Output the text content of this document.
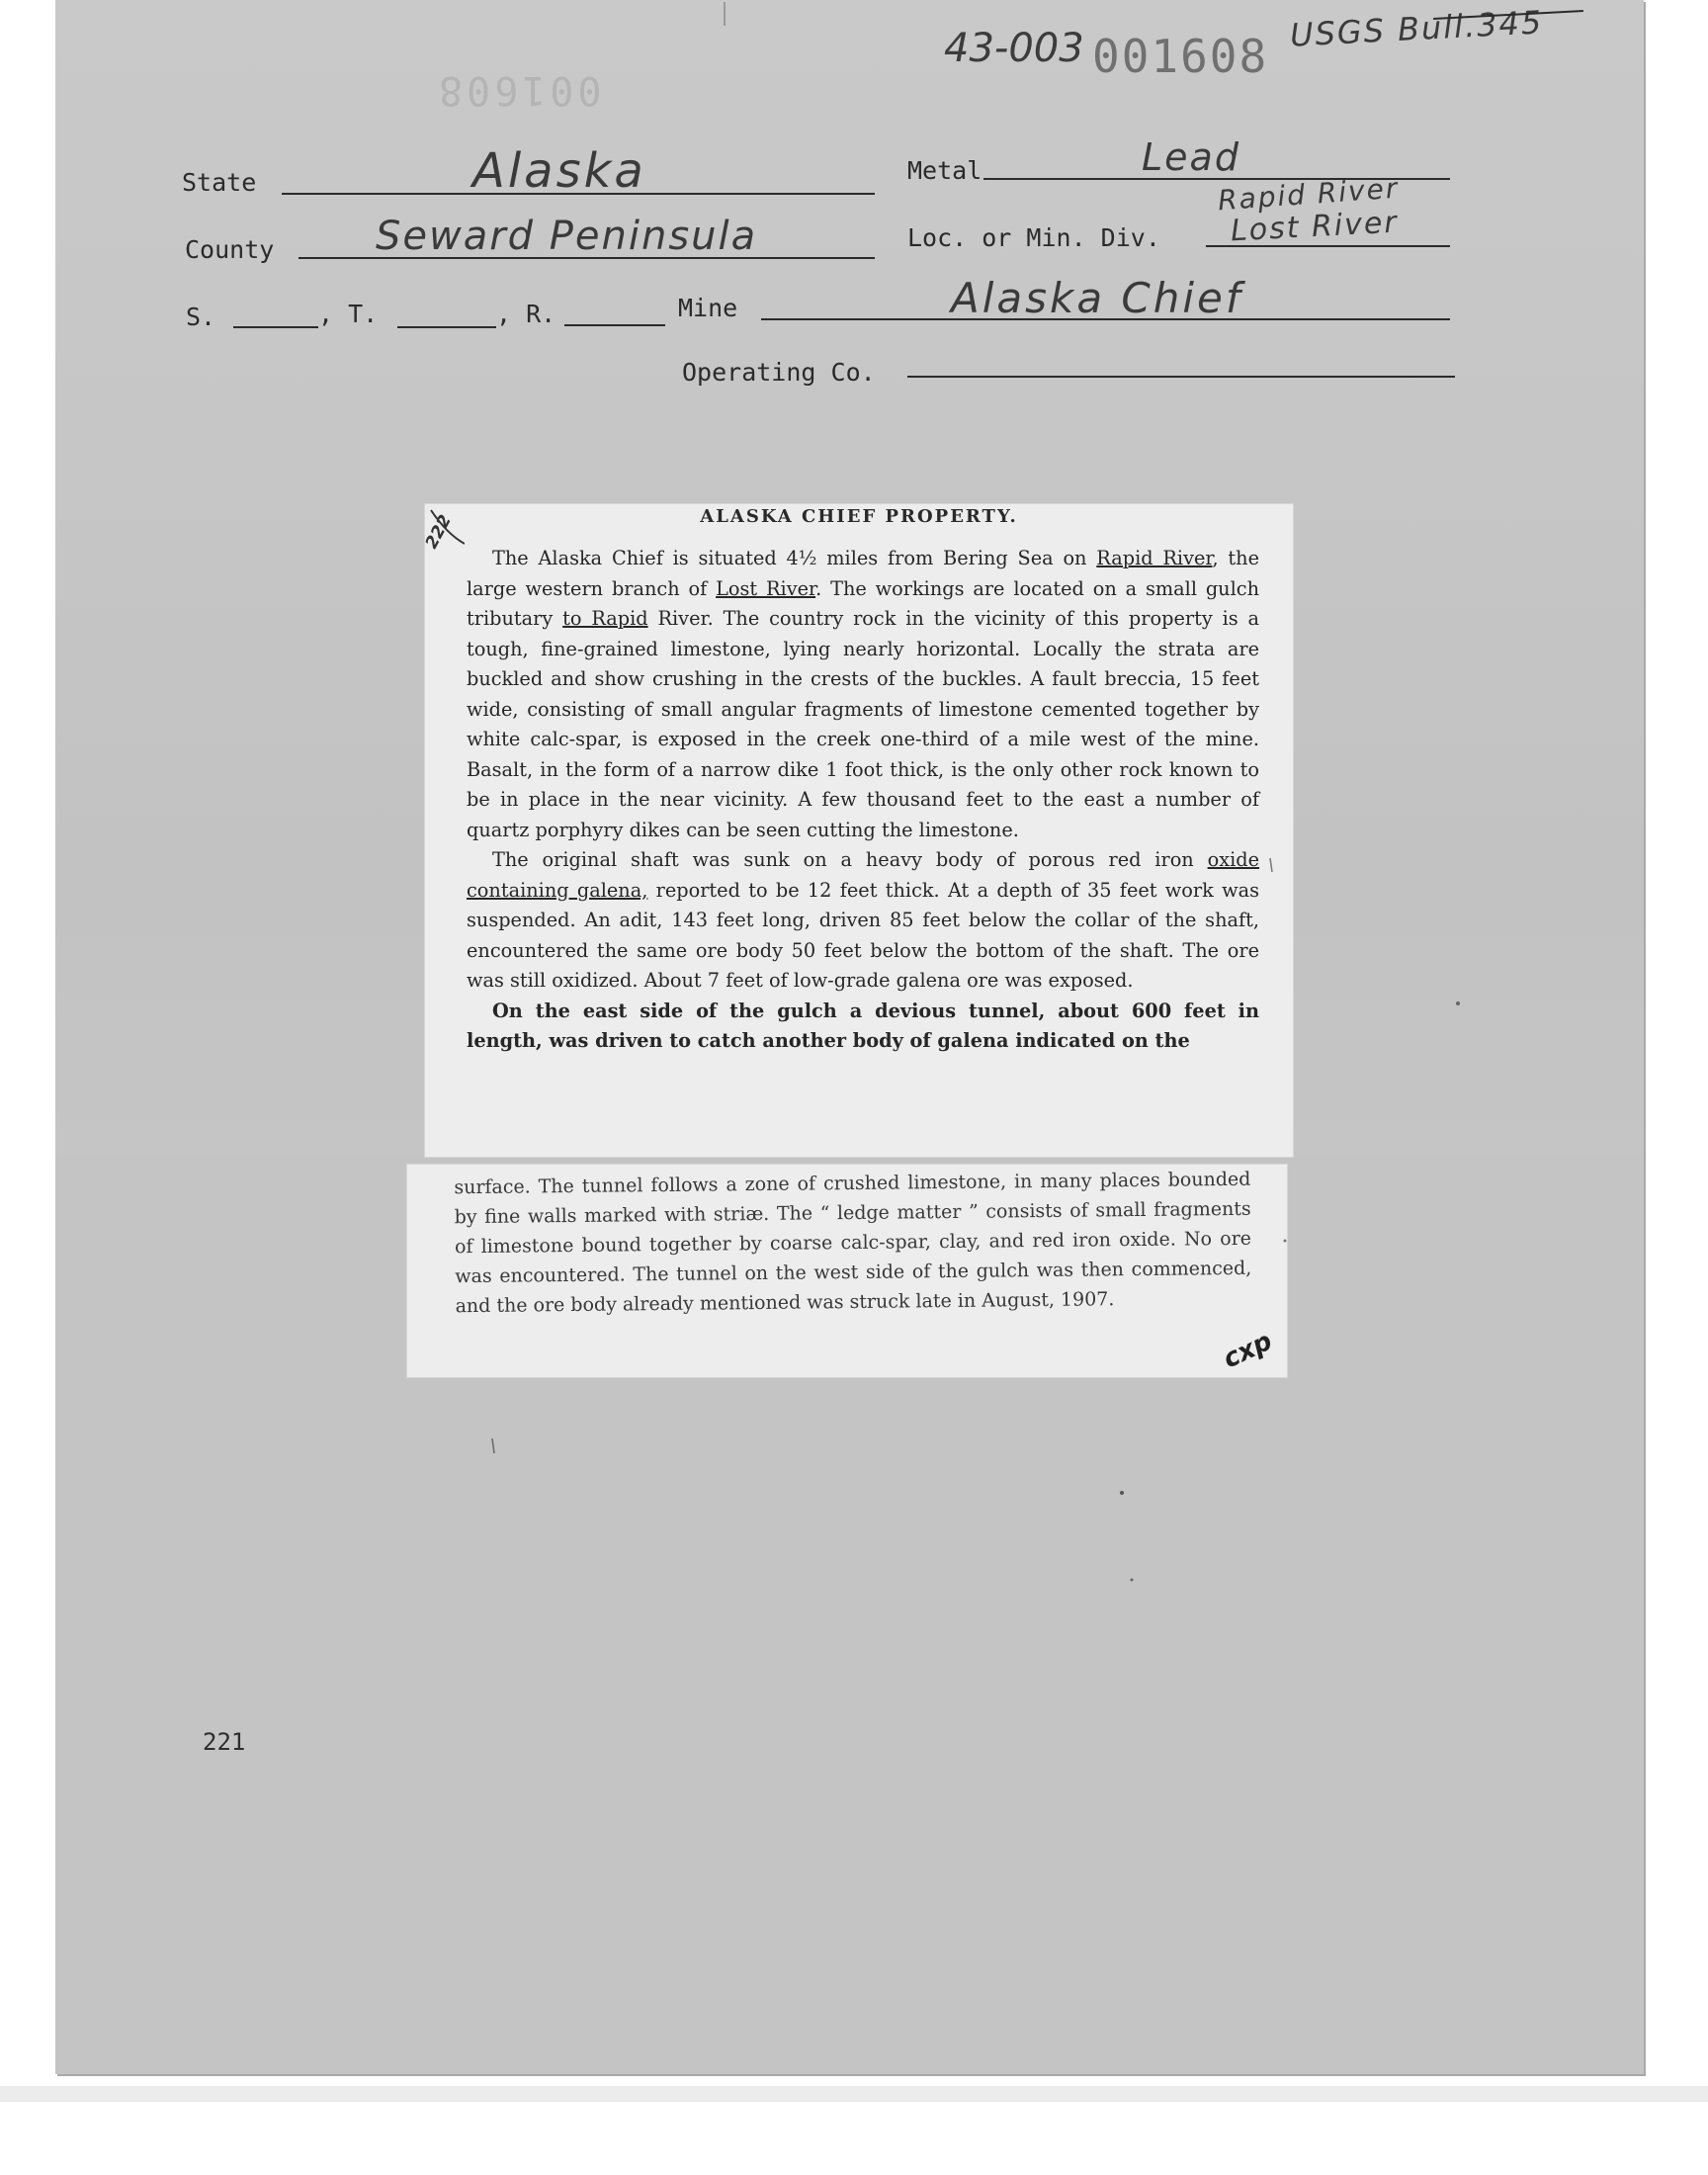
001608
43-003 001608
USGS Bull.345
State	Alaska	Metal	Lead
County	Seward Peninsula	Loc. or Min. Div.
Rapid River
Lost River
S.	, T.	, R.	Mine	Alaska Chief
Operating Co.
222	ALASKA CHIEF PROPERTY.

The Alaska Chief is situated 4½ miles from Bering Sea on Rapid River, the large western branch of Lost River. The workings are located on a small gulch tributary to Rapid River. The country rock in the vicinity of this property is a tough, fine-grained limestone, lying nearly horizontal. Locally the strata are buckled and show crushing in the crests of the buckles. A fault breccia, 15 feet wide, consisting of small angular fragments of limestone cemented together by white calc-spar, is exposed in the creek one-third of a mile west of the mine. Basalt, in the form of a narrow dike 1 foot thick, is the only other rock known to be in place in the near vicinity. A few thousand feet to the east a number of quartz porphyry dikes can be seen cutting the limestone.

The original shaft was sunk on a heavy body of porous red iron oxide containing galena, reported to be 12 feet thick. At a depth of 35 feet work was suspended. An adit, 143 feet long, driven 85 feet below the collar of the shaft, encountered the same ore body 50 feet below the bottom of the shaft. The ore was still oxidized. About 7 feet of low-grade galena ore was exposed.

On the east side of the gulch a devious tunnel, about 600 feet in length, was driven to catch another body of galena indicated on the

surface. The tunnel follows a zone of crushed limestone, in many places bounded by fine walls marked with striæ. The “ ledge matter ” consists of small fragments of limestone bound together by coarse calc-spar, clay, and red iron oxide. No ore was encountered. The tunnel on the west side of the gulch was then commenced, and the ore body already mentioned was struck late in August, 1907.

cxp
221
